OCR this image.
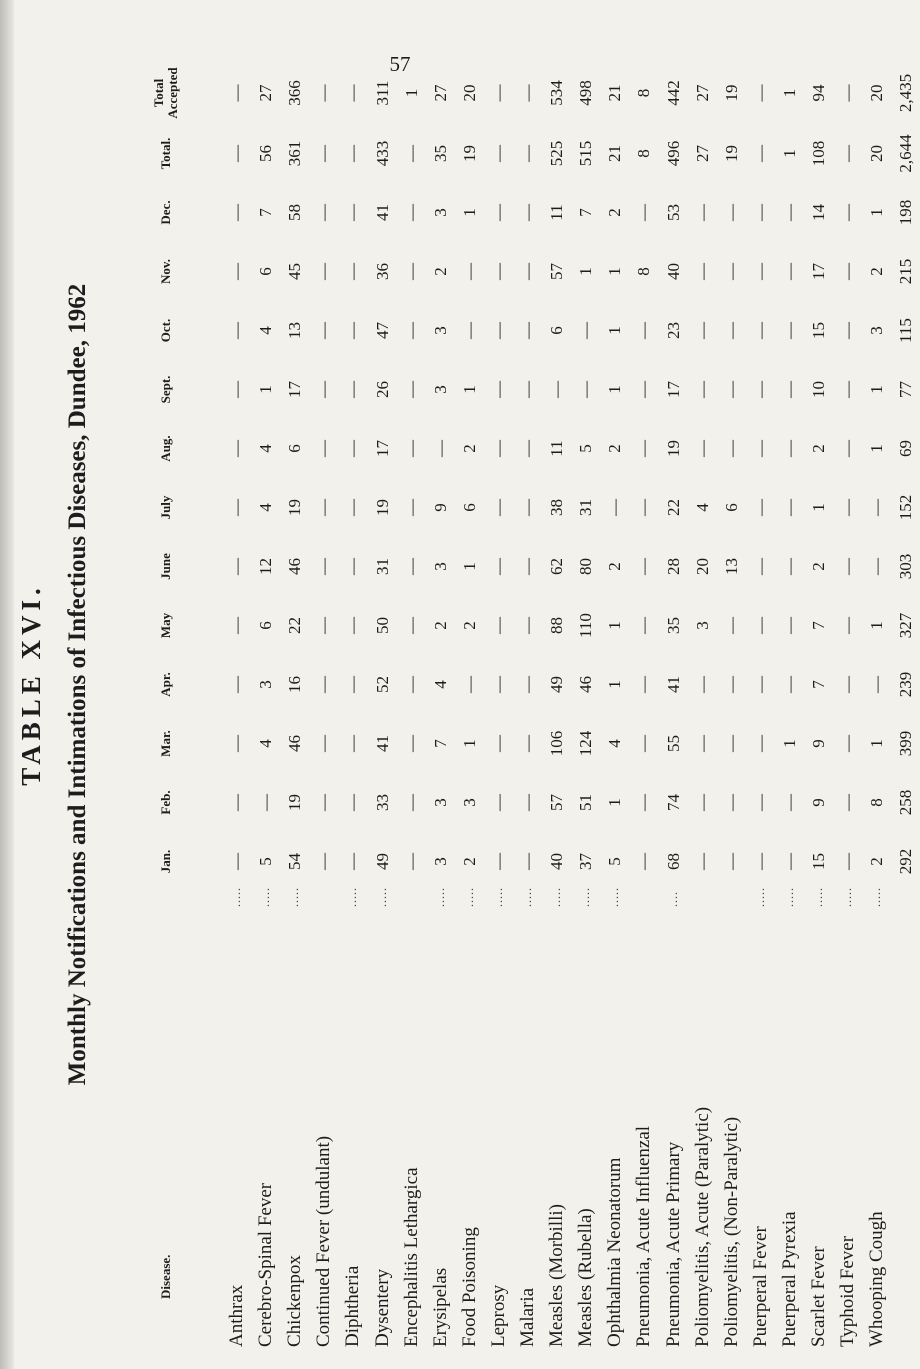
57
TABLE XVI. Monthly Notifications and Intimations of Infectious Diseases, Dundee, 1962
Disease.
Jan.
Feb.
Mar.
Apr.
May
June
July
Aug.
Sept.
Oct.
Nov.
Dec.
Total.
Total Accepted
Anthrax
—
—
—
—
—
—
—
—
—
—
—
—
—
—
.....
Cerebro-Spinal Fever
5
—
4
3
6
12
4
4
1
4
6
7
56
27
.....
Chickenpox
54
19
46
16
22
46
19
6
17
13
45
58
361
366
.....
Continued Fever (undulant)
—
—
—
—
—
—
—
—
—
—
—
—
—
—
Diphtheria
—
—
—
—
—
—
—
—
—
—
—
—
—
—
.....
Dysentery
49
33
41
52
50
31
19
17
26
47
36
41
433
311
.....
Encephalitis Lethargica
—
—
—
—
—
—
—
—
—
—
—
—
—
1
Erysipelas
3
3
7
4
2
3
9
—
3
3
2
3
35
27
.....
Food Poisoning
2
3
1
—
2
1
6
2
1
—
—
1
19
20
.....
Leprosy
—
—
—
—
—
—
—
—
—
—
—
—
—
—
.....
Malaria
—
—
—
—
—
—
—
—
—
—
—
—
—
—
.....
Measles (Morbilli)
40
57
106
49
88
62
38
11
—
6
57
11
525
534
.....
Measles (Rubella)
37
51
124
46
110
80
31
5
—
—
1
7
515
498
.....
Ophthalmia Neonatorum
5
1
4
1
1
2
—
2
1
1
1
2
21
21
.....
Pneumonia, Acute Influenzal
—
—
—
—
—
—
—
—
—
—
8
—
8
8
Pneumonia, Acute Primary
68
74
55
41
35
28
22
19
17
23
40
53
496
442
....
Poliomyelitis, Acute (Paralytic)
—
—
—
—
3
20
4
—
—
—
—
—
27
27
Poliomyelitis, (Non-Paralytic)
—
—
—
—
—
13
6
—
—
—
—
—
19
19
Puerperal Fever
—
—
—
—
—
—
—
—
—
—
—
—
—
—
.....
Puerperal Pyrexia
—
—
1
—
—
—
—
—
—
—
—
—
1
1
.....
Scarlet Fever
15
9
9
7
7
2
1
2
10
15
17
14
108
94
.....
Typhoid Fever
—
—
—
—
—
—
—
—
—
—
—
—
—
—
.....
Whooping Cough
2
8
1
—
1
—
—
1
1
3
2
1
20
20
.....
292
258
399
239
327
303
152
69
77
115
215
198
2,644
2,435
